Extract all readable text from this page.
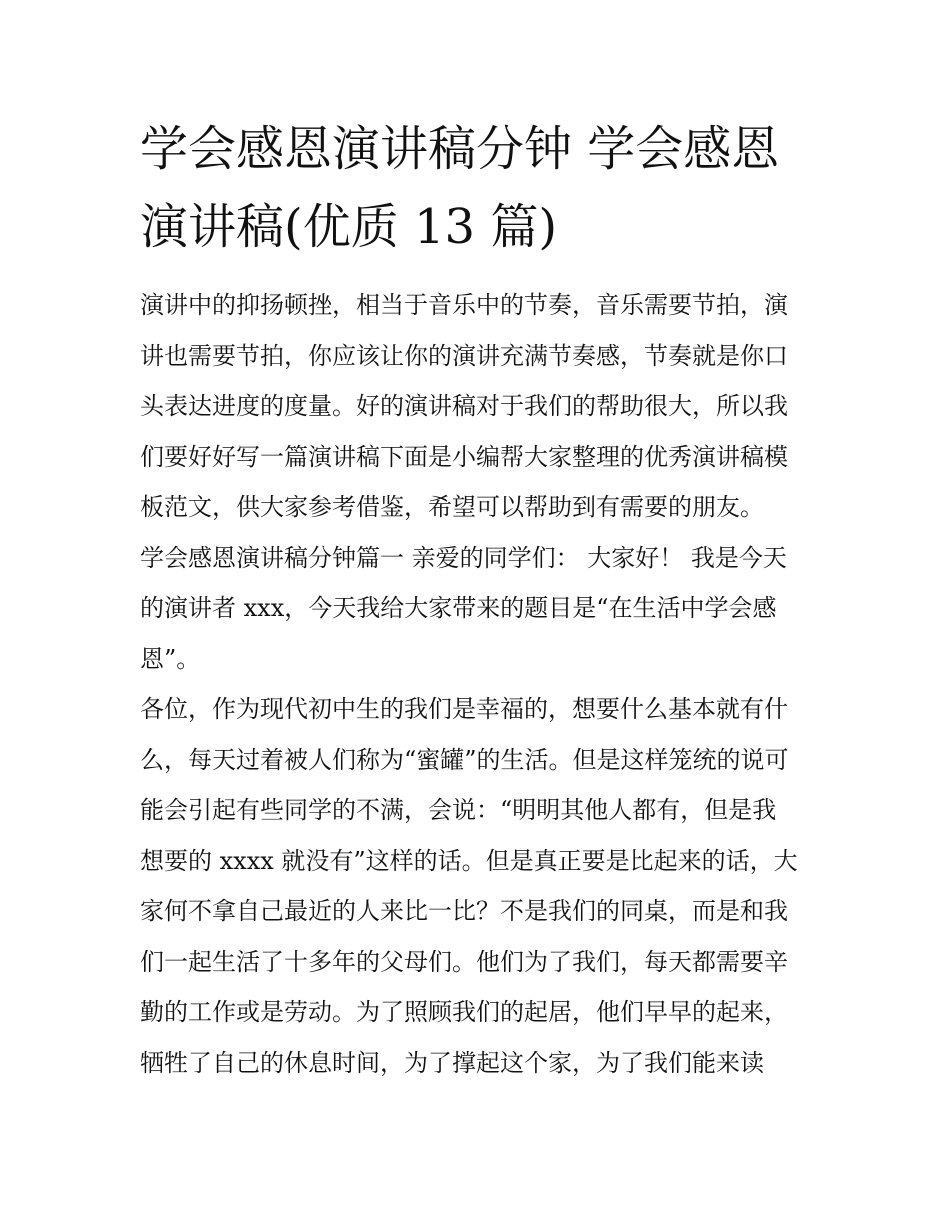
学会感恩演讲稿分钟 学会感恩
演讲稿(优质 13 篇)
演讲中的抑扬顿挫，相当于音乐中的节奏，音乐需要节拍，演
讲也需要节拍，你应该让你的演讲充满节奏感，节奏就是你口
头表达进度的度量。好的演讲稿对于我们的帮助很大，所以我
们要好好写一篇演讲稿下面是小编帮大家整理的优秀演讲稿模
板范文，供大家参考借鉴，希望可以帮助到有需要的朋友。
学会感恩演讲稿分钟篇一 亲爱的同学们： 大家好！ 我是今天
的演讲者 xxx，今天我给大家带来的题目是“在生活中学会感
恩”。
各位，作为现代初中生的我们是幸福的，想要什么基本就有什
么，每天过着被人们称为“蜜罐”的生活。但是这样笼统的说可
能会引起有些同学的不满，会说：“明明其他人都有，但是我
想要的 xxxx 就没有”这样的话。但是真正要是比起来的话，大
家何不拿自己最近的人来比一比？不是我们的同桌，而是和我
们一起生活了十多年的父母们。他们为了我们，每天都需要辛
勤的工作或是劳动。为了照顾我们的起居，他们早早的起来，
牺牲了自己的休息时间，为了撑起这个家，为了我们能来读
